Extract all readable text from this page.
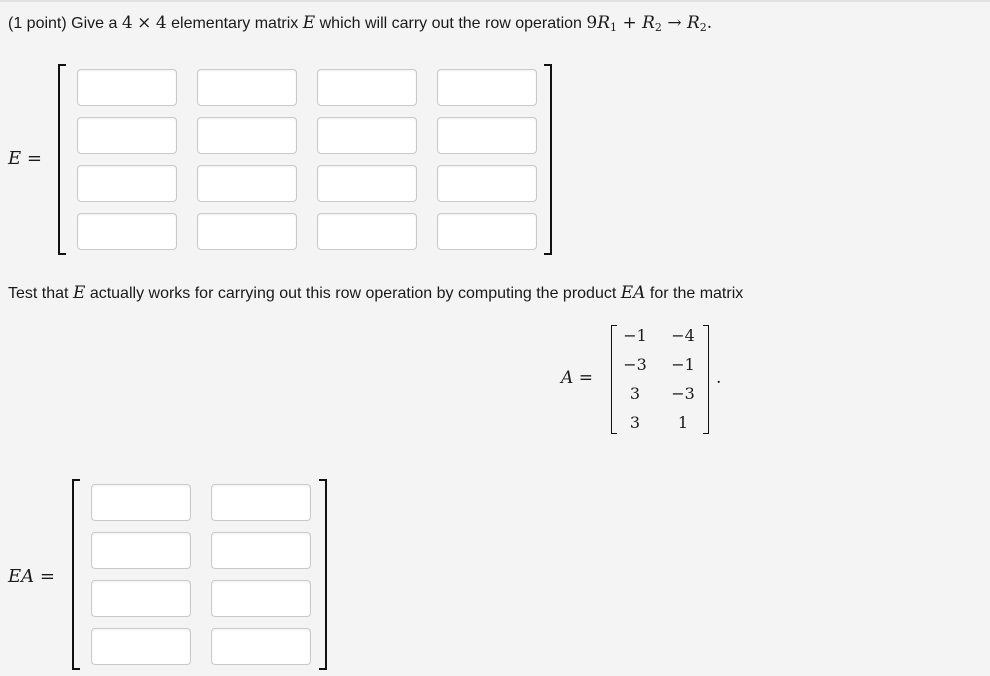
(1 point) Give a 4 × 4 elementary matrix E which will carry out the row operation $9R_1 + R_2 \to R_2$.
E =
Test that E actually works for carrying out this row operation by computing the product EA for the matrix
A =
−1	−4
−3	−1
3	−3
3	1
.
EA =
